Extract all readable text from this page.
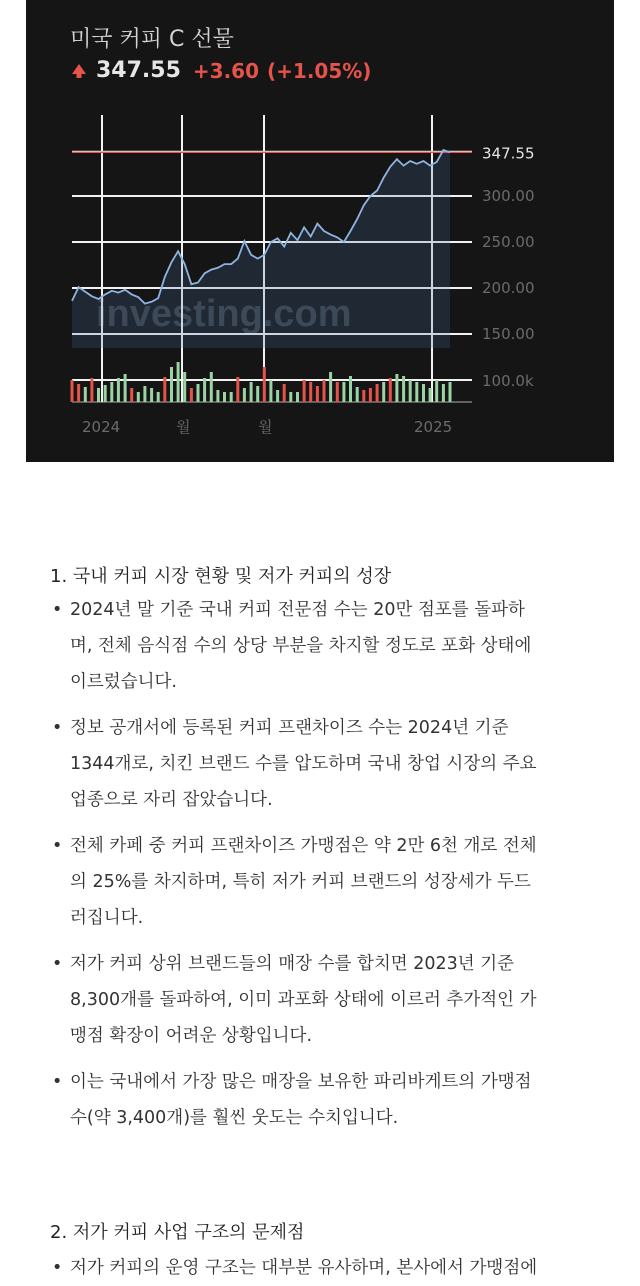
미국 커피 C 선물
347.55 +3.60 (+1.05%)
300.00
250.00
200.00
150.00
100.0k
347.55
2024	월	월	2025
1. 국내 커피 시장 현황 및 저가 커피의 성장
• 2024년 말 기준 국내 커피 전문점 수는 20만 점포를 돌파하
며, 전체 음식점 수의 상당 부분을 차지할 정도로 포화 상태에
이르렀습니다.
• 정보 공개서에 등록된 커피 프랜차이즈 수는 2024년 기준
1344개로, 치킨 브랜드 수를 압도하며 국내 창업 시장의 주요
업종으로 자리 잡았습니다.
• 전체 카페 중 커피 프랜차이즈 가맹점은 약 2만 6천 개로 전체
의 25%를 차지하며, 특히 저가 커피 브랜드의 성장세가 두드
러집니다.
• 저가 커피 상위 브랜드들의 매장 수를 합치면 2023년 기준
8,300개를 돌파하여, 이미 과포화 상태에 이르러 추가적인 가
맹점 확장이 어려운 상황입니다.
• 이는 국내에서 가장 많은 매장을 보유한 파리바게트의 가맹점
수(약 3,400개)를 훨씬 웃도는 수치입니다.
2. 저가 커피 사업 구조의 문제점
• 저가 커피의 운영 구조는 대부분 유사하며, 본사에서 가맹점에
